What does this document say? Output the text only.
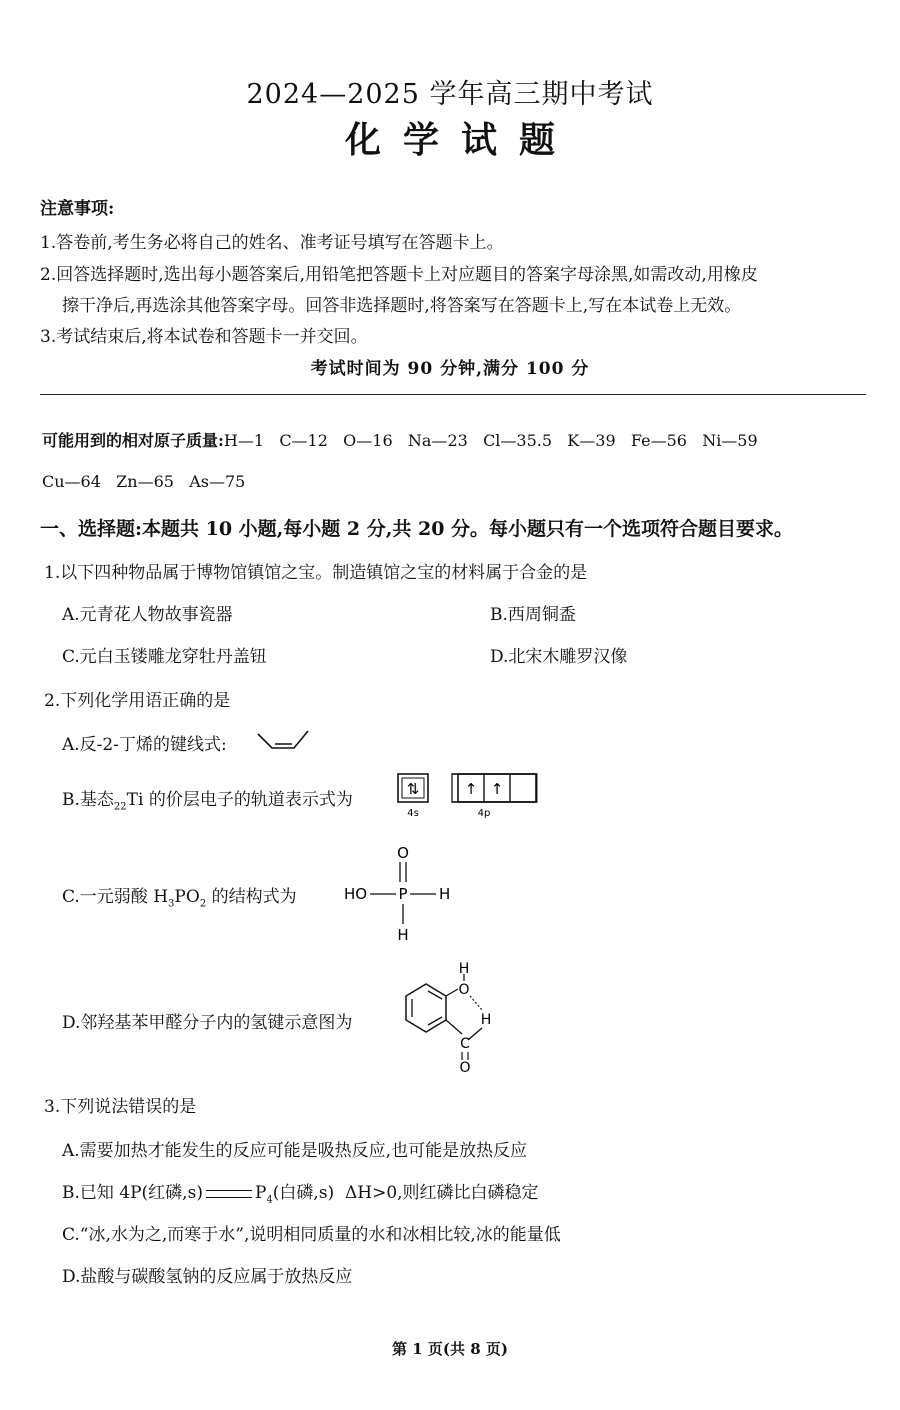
2024—2025 学年高三期中考试
化学试题
注意事项:
1.答卷前,考生务必将自己的姓名、准考证号填写在答题卡上。
2.回答选择题时,选出每小题答案后,用铅笔把答题卡上对应题目的答案字母涂黑,如需改动,用橡皮
擦干净后,再选涂其他答案字母。回答非选择题时,将答案写在答题卡上,写在本试卷上无效。
3.考试结束后,将本试卷和答题卡一并交回。
考试时间为 90 分钟,满分 100 分
可能用到的相对原子质量:H—1   C—12   O—16   Na—23   Cl—35.5   K—39   Fe—56   Ni—59
Cu—64   Zn—65   As—75
一、选择题:本题共 10 小题,每小题 2 分,共 20 分。每小题只有一个选项符合题目要求。
1.以下四种物品属于博物馆镇馆之宝。制造镇馆之宝的材料属于合金的是
A.元青花人物故事瓷器	B.西周铜盉
C.元白玉镂雕龙穿牡丹盖钮	D.北宋木雕罗汉像
2.下列化学用语正确的是
A.反-2-丁烯的键线式:
B.基态$_{22}$Ti 的价层电子的轨道表示式为
⇅	↑ ↑
4s	4p
C.一元弱酸 $H_3PO_2$ 的结构式为
O
HO P H
H
D.邻羟基苯甲醛分子内的氢键示意图为
O
H
H
C
O
3.下列说法错误的是
A.需要加热才能发生的反应可能是吸热反应,也可能是放热反应
B.已知 4P(红磷,s)	$P_4$(白磷,s)  ΔH>0,则红磷比白磷稳定
C.“冰,水为之,而寒于水”,说明相同质量的水和冰相比较,冰的能量低
D.盐酸与碳酸氢钠的反应属于放热反应
第 1 页(共 8 页)
